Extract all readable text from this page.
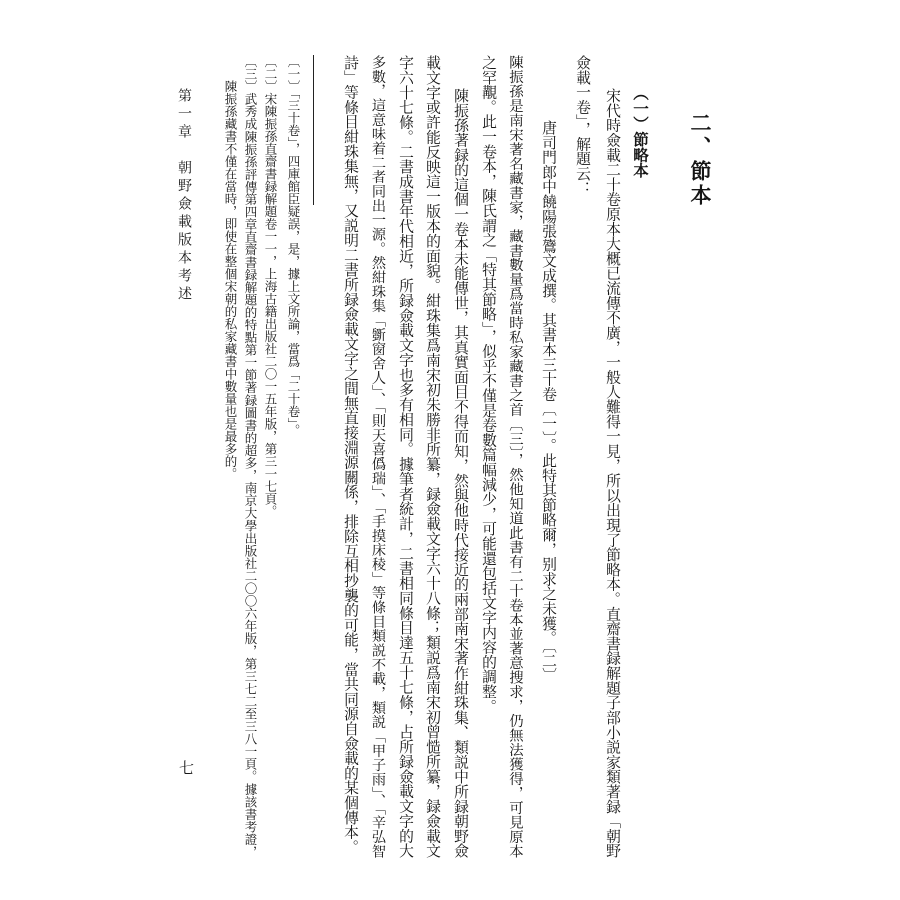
二、節本
（一）節略本
宋代時僉載二十卷原本大概已流傳不廣，一般人難得一見，所以出現了節略本。直齋書録解題子部小説家類著録「朝野
僉載一卷」，解題云：
唐司門郎中饒陽張鷟文成撰。其書本三十卷〔一〕。此特其節略爾，别求之未獲。〔二〕
陳振孫是南宋著名藏書家，藏書數量爲當時私家藏書之首〔三〕，然他知道此書有二十卷本並著意搜求，仍無法獲得，可見原本
之罕覯。此一卷本，陳氏謂之「特其節略」，似乎不僅是卷數篇幅減少，可能還包括文字内容的調整。
陳振孫著録的這個一卷本未能傳世，其真實面目不得而知，然與他時代接近的兩部南宋著作紺珠集、類説中所録朝野僉
載文字或許能反映這一版本的面貌。紺珠集爲南宋初朱勝非所纂，録僉載文字六十八條；類説爲南宋初曾慥所纂，録僉載文
字六十七條。二書成書年代相近，所録僉載文字也多有相同。據筆者統計，二書相同條目達五十七條，占所録僉載文字的大
多數，這意味着二者同出一源。然紺珠集「斵窗舍人」、「則天喜僞瑞」、「手摸床稜」等條目類説不載，類説「甲子雨」、「辛弘智
詩」等條目紺珠集無，又説明二書所録僉載文字之間無直接淵源關係，排除互相抄襲的可能，當共同源自僉載的某個傳本。
〔一〕「三十卷」，四庫館臣疑誤，是，據上文所論，當爲「二十卷」。
〔二〕宋陳振孫直齋書録解題卷一一，上海古籍出版社二〇一五年版，第三一七頁。
〔三〕武秀成陳振孫評傳第四章直齋書録解題的特點第一節著録圖書的超多，南京大學出版社二〇〇六年版，第三七二至三八一頁。據該書考證，
陳振孫藏書不僅在當時，即使在整個宋朝的私家藏書中數量也是最多的。
第一章　朝野僉載版本考述
七
